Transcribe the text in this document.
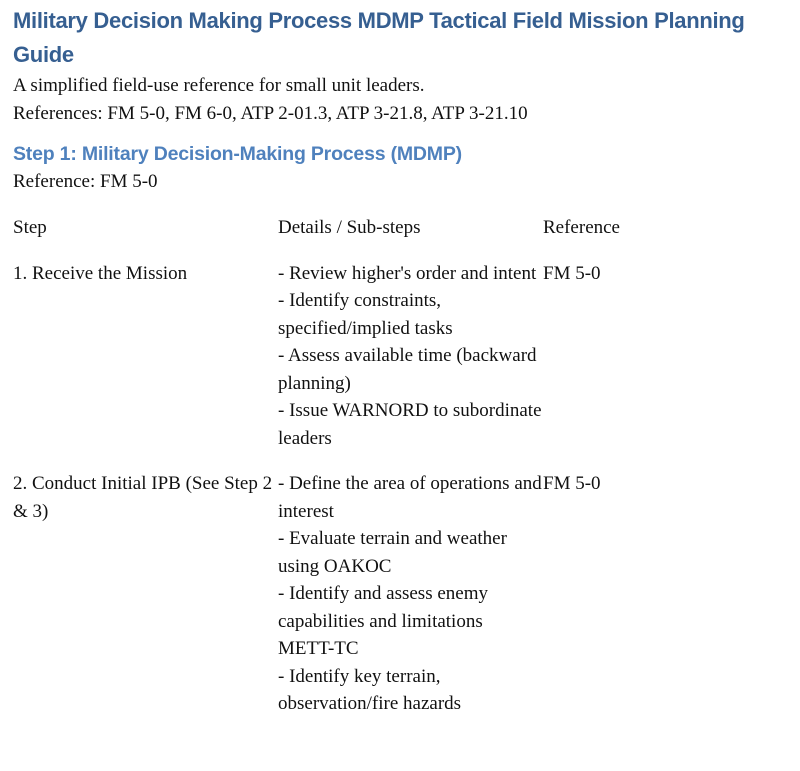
Military Decision Making Process MDMP Tactical Field Mission Planning Guide

A simplified field-use reference for small unit leaders.

References: FM 5-0, FM 6-0, ATP 2-01.3, ATP 3-21.8, ATP 3-21.10

Step 1: Military Decision-Making Process (MDMP)

Reference: FM 5-0

Step	Details / Sub-steps	Reference
1. Receive the Mission	- Review higher's order and intent
- Identify constraints, specified/implied tasks
- Assess available time (backward planning)
- Issue WARNORD to subordinate leaders	FM 5-0
2. Conduct Initial IPB (See Step 2 & 3)	- Define the area of operations and interest
- Evaluate terrain and weather using OAKOC
- Identify and assess enemy capabilities and limitations METT-TC
- Identify key terrain, observation/fire hazards	FM 5-0
